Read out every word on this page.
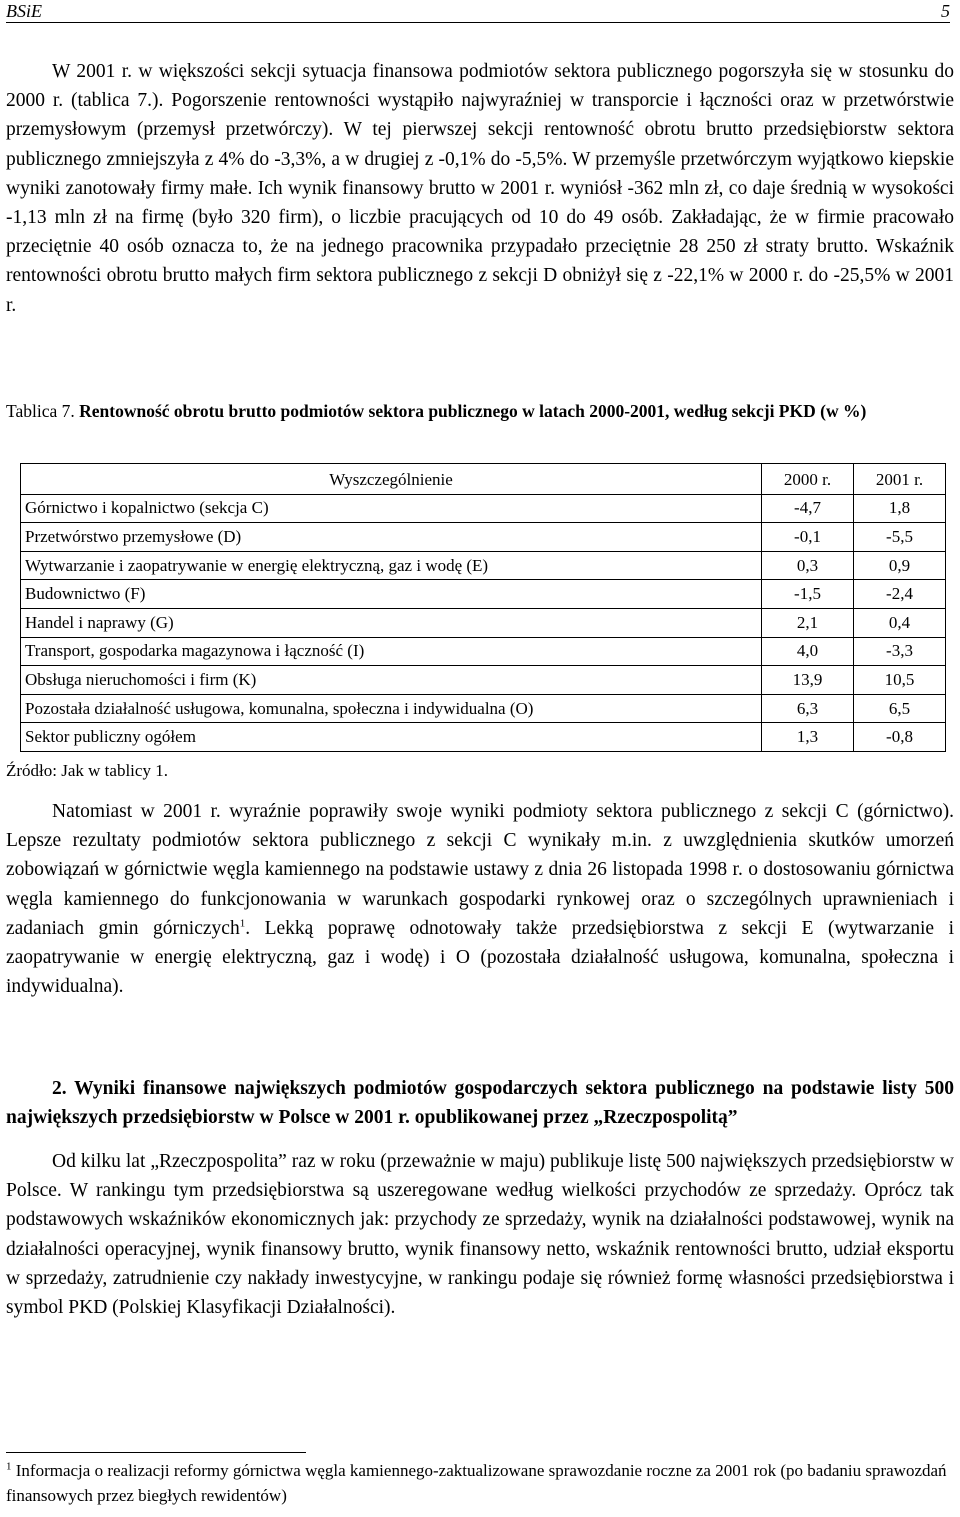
BSiE	5

W 2001 r. w większości sekcji sytuacja finansowa podmiotów sektora publicznego pogorszyła się w stosunku do 2000 r. (tablica 7.). Pogorszenie rentowności wystąpiło najwyraźniej w transporcie i łączności oraz w przetwórstwie przemysłowym (przemysł przetwórczy). W tej pierwszej sekcji rentowność obrotu brutto przedsiębiorstw sektora publicznego zmniejszyła z 4% do -3,3%, a w drugiej z -0,1% do -5,5%. W przemyśle przetwórczym wyjątkowo kiepskie wyniki zanotowały firmy małe. Ich wynik finansowy brutto w 2001 r. wyniósł -362 mln zł, co daje średnią w wysokości -1,13 mln zł na firmę (było 320 firm), o liczbie pracujących od 10 do 49 osób. Zakładając, że w firmie pracowało przeciętnie 40 osób oznacza to, że na jednego pracownika przypadało przeciętnie 28 250 zł straty brutto. Wskaźnik rentowności obrotu brutto małych firm sektora publicznego z sekcji D obniżył się z -22,1% w 2000 r. do -25,5% w 2001 r.

Tablica 7. Rentowność obrotu brutto podmiotów sektora publicznego w latach 2000-2001, według sekcji PKD (w %)

Wyszczególnienie	2000 r.	2001 r.
Górnictwo i kopalnictwo (sekcja C)	-4,7	1,8
Przetwórstwo przemysłowe (D)	-0,1	-5,5
Wytwarzanie i zaopatrywanie w energię elektryczną, gaz i wodę (E)	0,3	0,9
Budownictwo (F)	-1,5	-2,4
Handel i naprawy (G)	2,1	0,4
Transport, gospodarka magazynowa i łączność (I)	4,0	-3,3
Obsługa nieruchomości i firm (K)	13,9	10,5
Pozostała działalność usługowa, komunalna, społeczna i indywidualna (O)	6,3	6,5
Sektor publiczny ogółem	1,3	-0,8
Źródło: Jak w tablicy 1.

Natomiast w 2001 r. wyraźnie poprawiły swoje wyniki podmioty sektora publicznego z sekcji C (górnictwo). Lepsze rezultaty podmiotów sektora publicznego z sekcji C wynikały m.in. z uwzględnienia skutków umorzeń zobowiązań w górnictwie węgla kamiennego na podstawie ustawy z dnia 26 listopada 1998 r. o dostosowaniu górnictwa węgla kamiennego do funkcjonowania w warunkach gospodarki rynkowej oraz o szczególnych uprawnieniach i zadaniach gmin górniczych$^1$. Lekką poprawę odnotowały także przedsiębiorstwa z sekcji E (wytwarzanie i zaopatrywanie w energię elektryczną, gaz i wodę) i O (pozostała działalność usługowa, komunalna, społeczna i indywidualna).

2. Wyniki finansowe największych podmiotów gospodarczych sektora publicznego na podstawie listy 500 największych przedsiębiorstw w Polsce w 2001 r. opublikowanej przez „Rzeczpospolitą”

Od kilku lat „Rzeczpospolita” raz w roku (przeważnie w maju) publikuje listę 500 największych przedsiębiorstw w Polsce. W rankingu tym przedsiębiorstwa są uszeregowane według wielkości przychodów ze sprzedaży. Oprócz tak podstawowych wskaźników ekonomicznych jak: przychody ze sprzedaży, wynik na działalności podstawowej, wynik na działalności operacyjnej, wynik finansowy brutto, wynik finansowy netto, wskaźnik rentowności brutto, udział eksportu w sprzedaży, zatrudnienie czy nakłady inwestycyjne, w rankingu podaje się również formę własności przedsiębiorstwa i symbol PKD (Polskiej Klasyfikacji Działalności).

$^1$ Informacja o realizacji reformy górnictwa węgla kamiennego-zaktualizowane sprawozdanie roczne za 2001 rok (po badaniu sprawozdań finansowych przez biegłych rewidentów)
